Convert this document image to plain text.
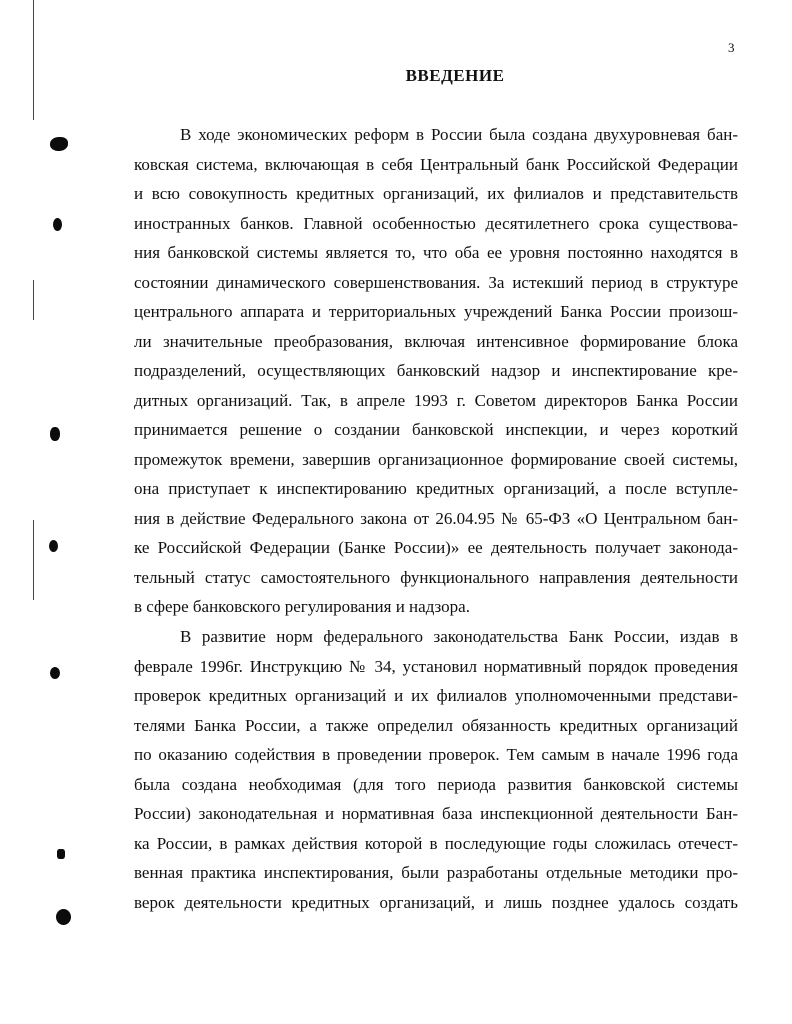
3
ВВЕДЕНИЕ
В ходе экономических реформ в России была создана двухуровневая бан-
ковская система, включающая в себя Центральный банк Российской Федерации
и всю совокупность кредитных организаций, их филиалов и представительств
иностранных банков. Главной особенностью десятилетнего срока существова-
ния банковской системы является то, что оба ее уровня постоянно находятся в
состоянии динамического совершенствования. За истекший период в структуре
центрального аппарата и территориальных учреждений Банка России произош-
ли значительные преобразования, включая интенсивное формирование блока
подразделений, осуществляющих банковский надзор и инспектирование кре-
дитных организаций. Так, в апреле 1993 г. Советом директоров Банка России
принимается решение о создании банковской инспекции, и через короткий
промежуток времени, завершив организационное формирование своей системы,
она приступает к инспектированию кредитных организаций, а после вступле-
ния в действие Федерального закона от 26.04.95 № 65-ФЗ «О Центральном бан-
ке Российской Федерации (Банке России)» ее деятельность получает законода-
тельный статус самостоятельного функционального направления деятельности
в сфере банковского регулирования и надзора.
В развитие норм федерального законодательства Банк России, издав в
феврале 1996г. Инструкцию № 34, установил нормативный порядок проведения
проверок кредитных организаций и их филиалов уполномоченными представи-
телями Банка России, а также определил обязанность кредитных организаций
по оказанию содействия в проведении проверок. Тем самым в начале 1996 года
была создана необходимая (для того периода развития банковской системы
России) законодательная и нормативная база инспекционной деятельности Бан-
ка России, в рамках действия которой в последующие годы сложилась отечест-
венная практика инспектирования, были разработаны отдельные методики про-
верок деятельности кредитных организаций, и лишь позднее удалось создать
